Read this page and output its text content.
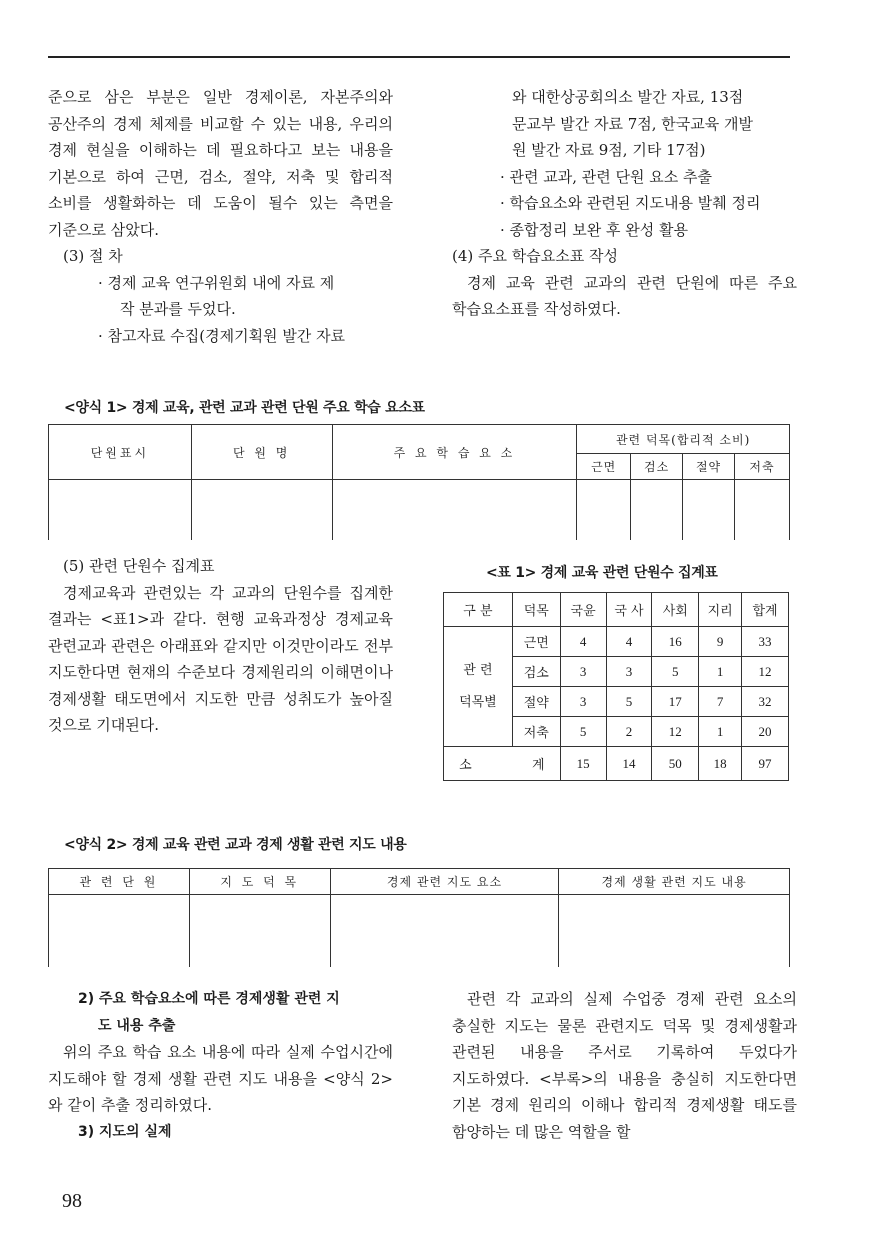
준으로 삼은 부분은 일반 경제이론, 자본주의와 공산주의 경제 체제를 비교할 수 있는 내용, 우리의 경제 현실을 이해하는 데 필요하다고 보는 내용을 기본으로 하여 근면, 검소, 절약, 저축 및 합리적 소비를 생활화하는 데 도움이 될수 있는 측면을 기준으로 삼았다.

(3) 절 차
· 경제 교육 연구위원회 내에 자료 제
작 분과를 두었다.
· 참고자료 수집(경제기획원 발간 자료
와 대한상공회의소 발간 자료, 13점
문교부 발간 자료 7점, 한국교육 개발
원 발간 자료 9점, 기타 17점)
· 관련 교과, 관련 단원 요소 추출
· 학습요소와 관련된 지도내용 발췌 정리
· 종합정리 보완 후 완성 활용
(4) 주요 학습요소표 작성

경제 교육 관련 교과의 관련 단원에 따른 주요 학습요소표를 작성하였다.

<양식 1> 경제 교육, 관련 교과 관련 단원 주요 학습 요소표
단원표시	단 원 명	주 요 학 습 요 소	관련 덕목(합리적 소비)			
			근면	검소	절약	저축

(5) 관련 단원수 집계표

경제교육과 관련있는 각 교과의 단원수를 집계한 결과는 <표1>과 같다. 현행 교육과정상 경제교육 관련교과 관련은 아래표와 같지만 이것만이라도 전부 지도한다면 현재의 수준보다 경제원리의 이해면이나 경제생활 태도면에서 지도한 만큼 성취도가 높아질 것으로 기대된다.

<표 1> 경제 교육 관련 단원수 집계표
구 분	덕목	국윤	국 사	사회	지리	합계

관 련
덕목별	근면	4	4	16	9	33
	검소	3	3	5	1	12
	절약	3	5	17	7	32
	저축	5	2	12	1	20
소 계		15	14	50	18	97
<양식 2> 경제 교육 관련 교과 경제 생활 관련 지도 내용
관 련 단 원	지 도 덕 목	경제 관련 지도 요소	경제 생활 관련 지도 내용

2) 주요 학습요소에 따른 경제생활 관련 지
도 내용 추출

위의 주요 학습 요소 내용에 따라 실제 수업시간에 지도해야 할 경제 생활 관련 지도 내용을 <양식 2>와 같이 추출 정리하였다.

3) 지도의 실제

관련 각 교과의 실제 수업중 경제 관련 요소의 충실한 지도는 물론 관련지도 덕목 및 경제생활과 관련된 내용을 주서로 기록하여 두었다가 지도하였다. <부록>의 내용을 충실히 지도한다면 기본 경제 원리의 이해나 합리적 경제생활 태도를 함양하는 데 많은 역할을 할

98
